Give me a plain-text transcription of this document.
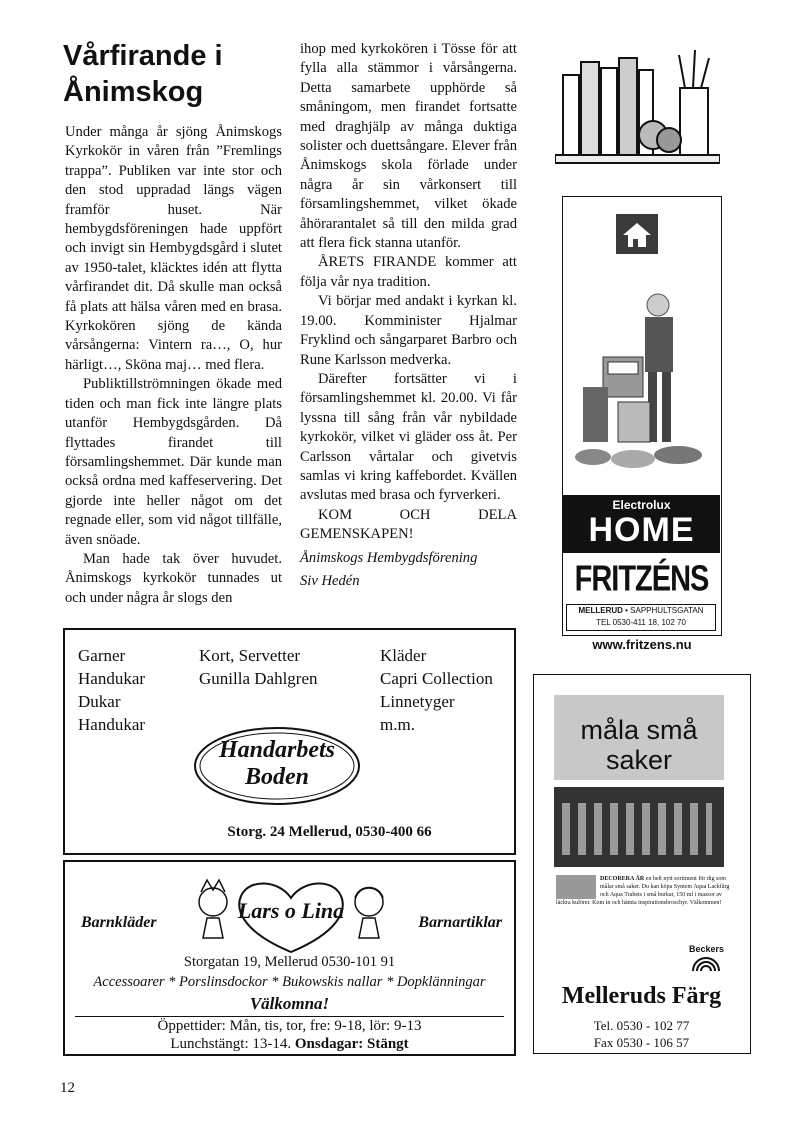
Vårfirande i Ånimskog

Under många år sjöng Ånimskogs Kyrkokör in våren från ”Fremlings trappa”. Publiken var inte stor och den stod uppradad längs vägen framför huset. När hembygdsföreningen hade uppfört och invigt sin Hembygdsgård i slutet av 1950-talet, kläcktes idén att flytta vårfirandet dit. Då skulle man också få plats att hälsa våren med en brasa. Kyrkokören sjöng de kända vårsångerna: Vintern ra…, O, hur härligt…, Sköna maj… med flera.

Publiktillströmningen ökade med tiden och man fick inte längre plats utanför Hembygdsgården. Då flyttades firandet till församlingshemmet. Där kunde man också ordna med kaffeservering. Det gjorde inte heller något om det regnade eller, som vid något tillfälle, även snöade.

Man hade tak över huvudet. Ånimskogs kyrkokör tunnades ut och under några år slogs den

ihop med kyrkokören i Tösse för att fylla alla stämmor i vårsångerna. Detta samarbete upphörde så småningom, men firandet fortsatte med draghjälp av många duktiga solister och duettsångare. Elever från Ånimskogs skola förlade under några år sin vårkonsert till församlingshemmet, vilket ökade åhörarantalet så till den milda grad att flera fick stanna utanför.

ÅRETS FIRANDE kommer att följa vår nya tradition.

Vi börjar med andakt i kyrkan kl. 19.00. Komminister Hjalmar Fryklind och sångarparet Barbro och Rune Karlsson medverka.

Därefter fortsätter vi i församlingshemmet kl. 20.00. Vi får lyssna till sång från vår nybildade kyrkokör, vilket vi gläder oss åt. Per Carlsson vårtalar och givetvis samlas vi kring kaffebordet. Kvällen avslutas med brasa och fyrverkeri.

KOM OCH DELA GEMENSKAPEN!

Ånimskogs Hembygdsförening

Siv Hedén

Electrolux
HOME
FRITZÉNS
MELLERUD • SAPPHULTSGATAN
TEL 0530-411 18, 102 70
www.fritzens.nu
måla små
saker
DECORERA ÄR en helt nytt sortiment för dig som målar små saker. Du kan köpa Syntem Aqua Lackfärg och Aqua Trabets i små burkar, 150 ml i massor av läckra kulörer. Kom in och hämta inspirationsbroschyr. Välkommen!
Beckers
Melleruds Färg
Tel. 0530 - 102 77
Fax 0530 - 106 57
Garner
Handukar
Dukar
Handukar
Kort, Servetter
Gunilla Dahlgren
Kläder
Capri Collection
Linnetyger
m.m.
Handarbets
Boden
Storg. 24 Mellerud, 0530-400 66
Lars o Lina
Barnkläder	Barnartiklar
Storgatan 19, Mellerud 0530-101 91
Accessoarer * Porslinsdockor * Bukowskis nallar * Dopklänningar
Välkomna!
Öppettider: Mån, tis, tor, fre: 9-18, lör: 9-13
Lunchstängt: 13-14. Onsdagar: Stängt
12
